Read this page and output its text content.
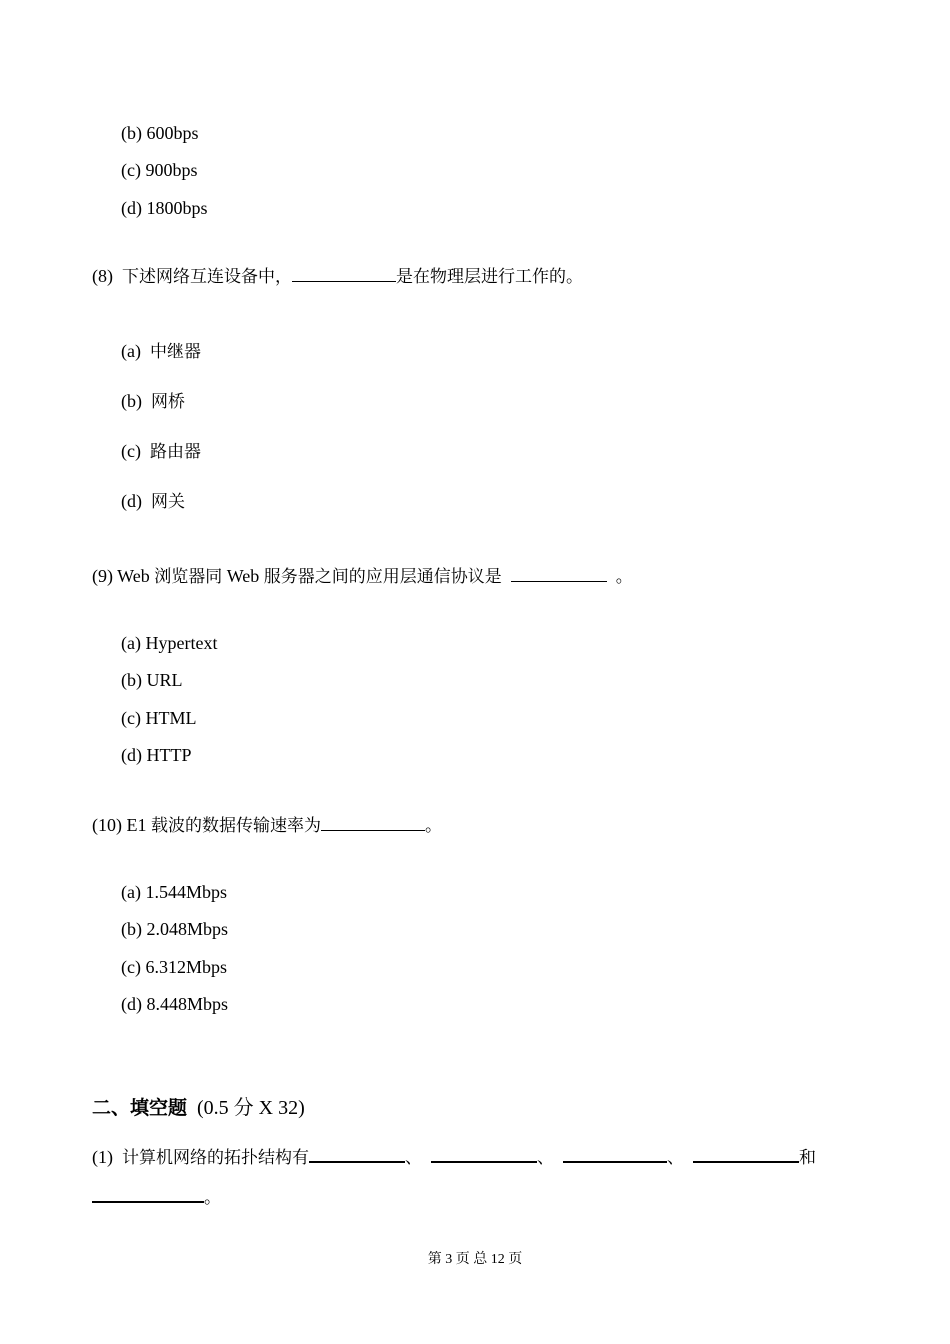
(b) 600bps
(c) 900bps
(d) 1800bps
(8) 下述网络互连设备中，	是在物理层进行工作的。
(a) 中继器
(b) 网桥
(c) 路由器
(d) 网关
(9) Web 浏览器同 Web 服务器之间的应用层通信协议是	。
(a) Hypertext
(b) URL
(c) HTML
(d) HTTP
(10) E1 载波的数据传输速率为	。
(a) 1.544Mbps
(b) 2.048Mbps
(c) 6.312Mbps
(d) 8.448Mbps
二、填空题 (0.5 分 X 32)
(1) 计算机网络的拓扑结构有	、	、	、	和
。
第 3 页 总 12 页
